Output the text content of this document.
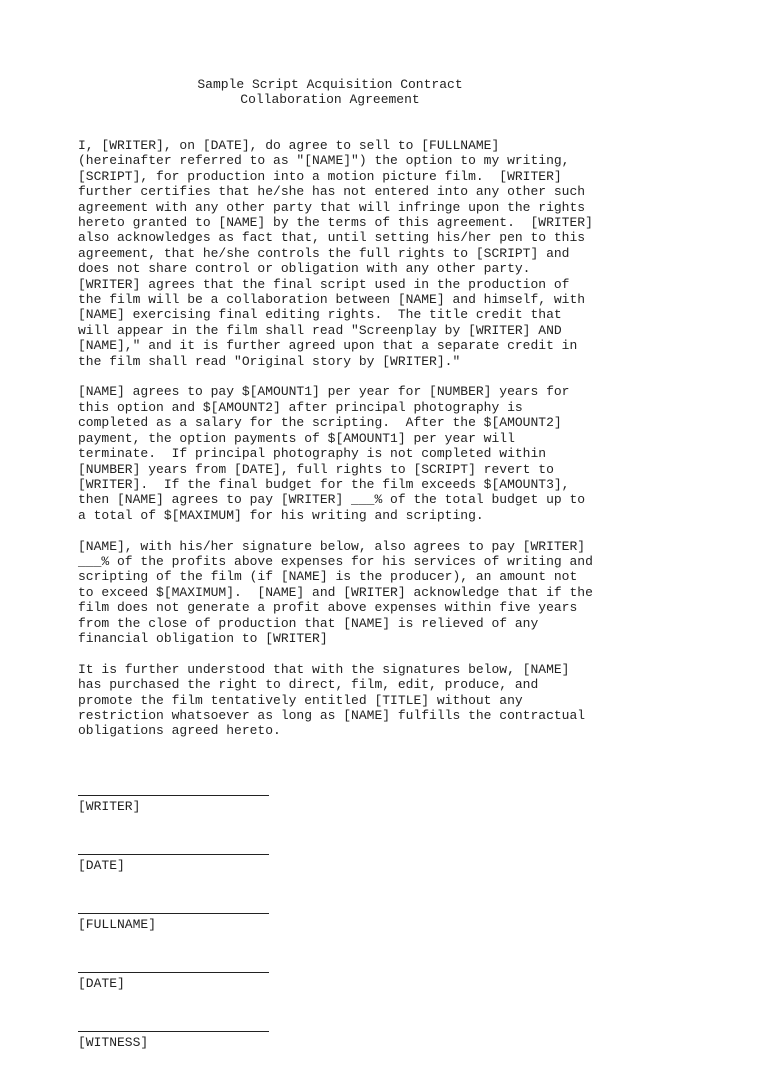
Sample Script Acquisition Contract
Collaboration Agreement

I, [WRITER], on [DATE], do agree to sell to [FULLNAME]
(hereinafter referred to as "[NAME]") the option to my writing,
[SCRIPT], for production into a motion picture film.  [WRITER]
further certifies that he/she has not entered into any other such
agreement with any other party that will infringe upon the rights
hereto granted to [NAME] by the terms of this agreement.  [WRITER]
also acknowledges as fact that, until setting his/her pen to this
agreement, that he/she controls the full rights to [SCRIPT] and
does not share control or obligation with any other party.
[WRITER] agrees that the final script used in the production of
the film will be a collaboration between [NAME] and himself, with
[NAME] exercising final editing rights.  The title credit that
will appear in the film shall read "Screenplay by [WRITER] AND
[NAME]," and it is further agreed upon that a separate credit in
the film shall read "Original story by [WRITER]."

[NAME] agrees to pay $[AMOUNT1] per year for [NUMBER] years for
this option and $[AMOUNT2] after principal photography is
completed as a salary for the scripting.  After the $[AMOUNT2]
payment, the option payments of $[AMOUNT1] per year will
terminate.  If principal photography is not completed within
[NUMBER] years from [DATE], full rights to [SCRIPT] revert to
[WRITER].  If the final budget for the film exceeds $[AMOUNT3],
then [NAME] agrees to pay [WRITER] ___% of the total budget up to
a total of $[MAXIMUM] for his writing and scripting.

[NAME], with his/her signature below, also agrees to pay [WRITER]
___% of the profits above expenses for his services of writing and
scripting of the film (if [NAME] is the producer), an amount not
to exceed $[MAXIMUM].  [NAME] and [WRITER] acknowledge that if the
film does not generate a profit above expenses within five years
from the close of production that [NAME] is relieved of any
financial obligation to [WRITER]

It is further understood that with the signatures below, [NAME]
has purchased the right to direct, film, edit, produce, and
promote the film tentatively entitled [TITLE] without any
restriction whatsoever as long as [NAME] fulfills the contractual
obligations agreed hereto.

[WRITER]
[DATE]
[FULLNAME]
[DATE]
[WITNESS]
